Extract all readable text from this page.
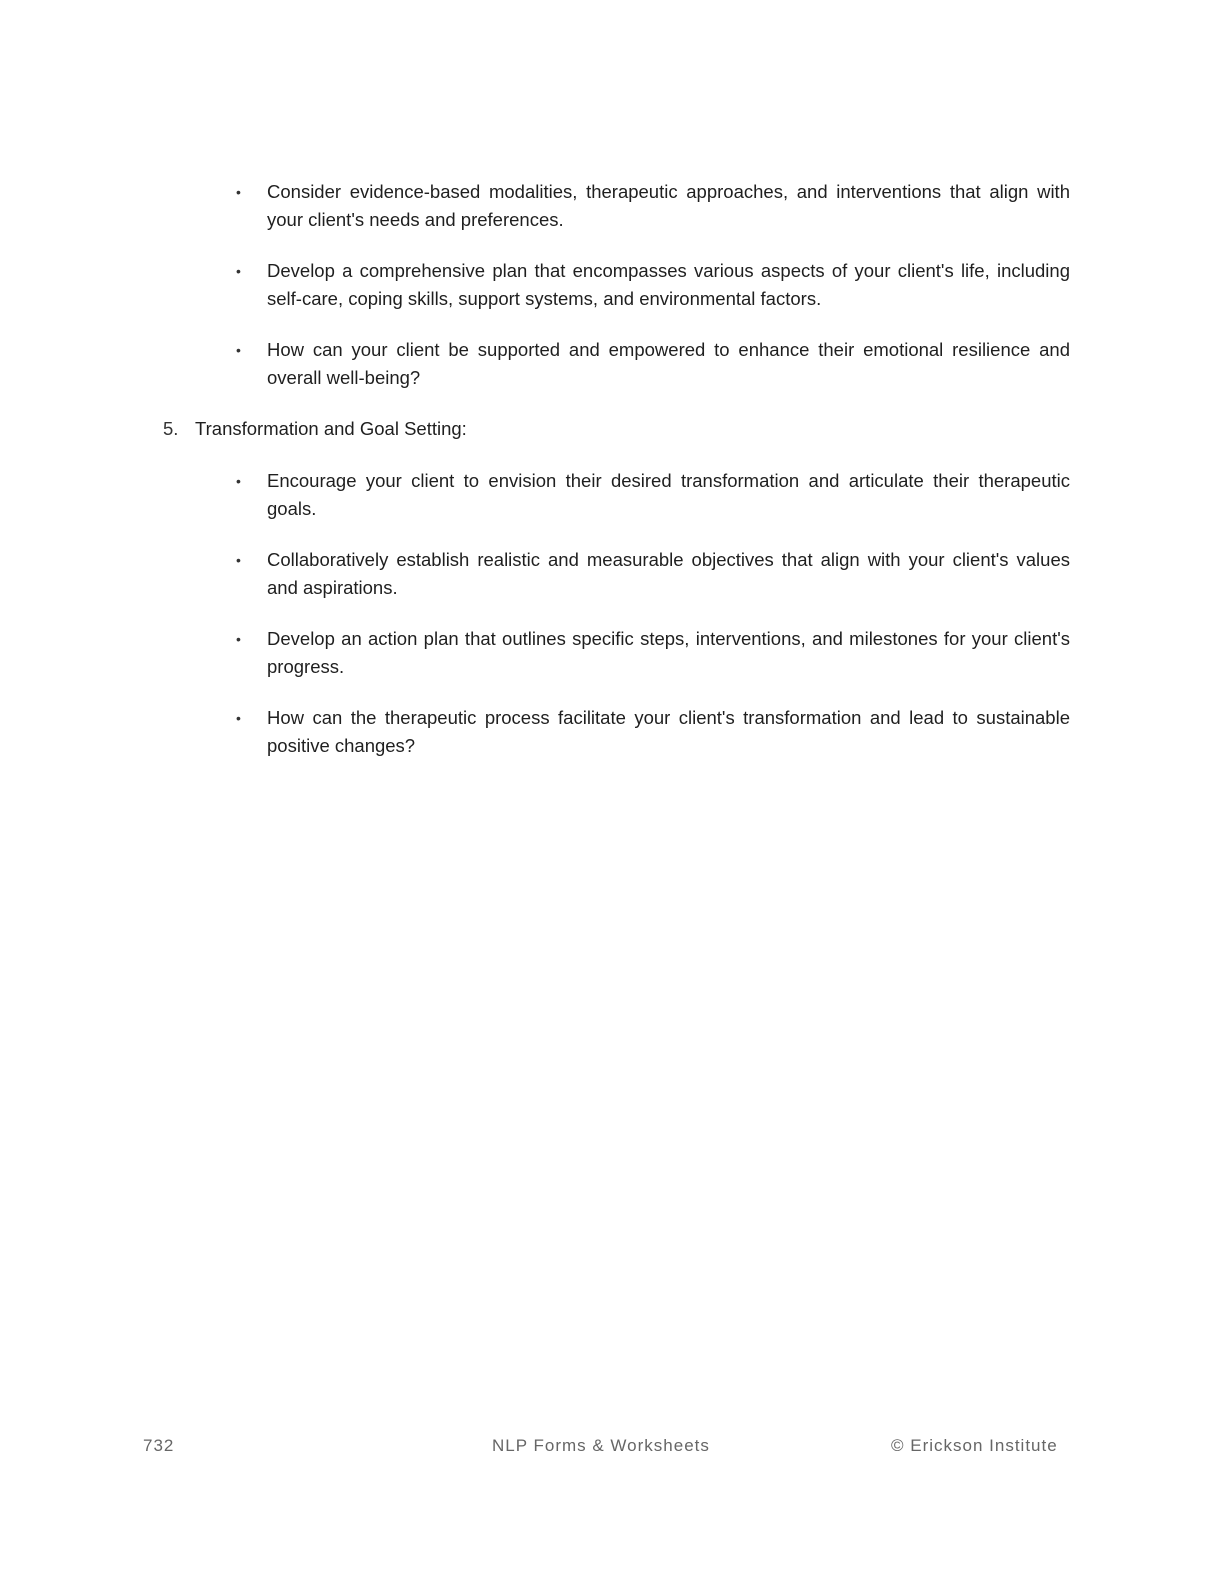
• Consider evidence-based modalities, therapeutic approaches, and interventions that align with your client's needs and preferences.
• Develop a comprehensive plan that encompasses various aspects of your client's life, including self-care, coping skills, support systems, and environmental factors.
• How can your client be supported and empowered to enhance their emotional resilience and overall well-being?
5. Transformation and Goal Setting:
• Encourage your client to envision their desired transformation and articulate their therapeutic goals.
• Collaboratively establish realistic and measurable objectives that align with your client's values and aspirations.
• Develop an action plan that outlines specific steps, interventions, and milestones for your client's progress.
• How can the therapeutic process facilitate your client's transformation and lead to sustainable positive changes?
732	NLP Forms & Worksheets	© Erickson Institute
